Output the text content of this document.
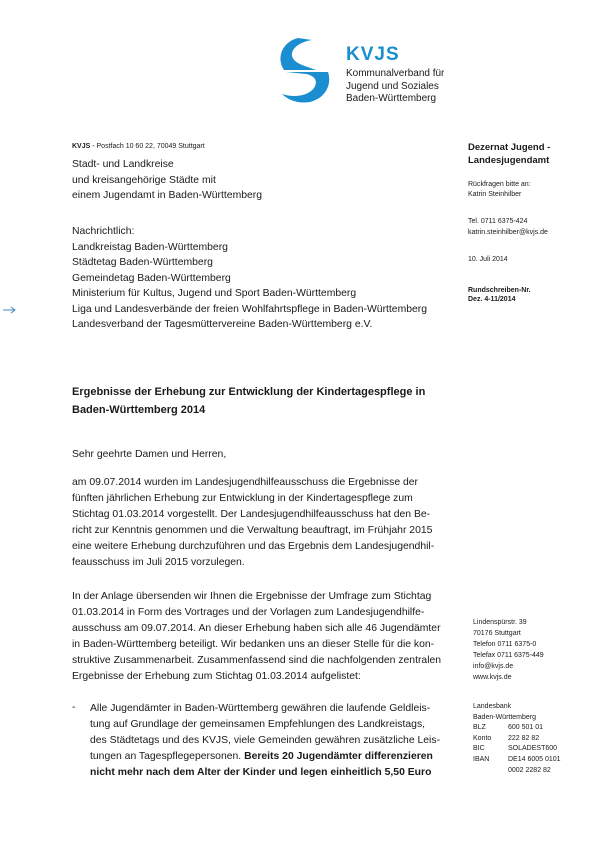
KVJS
Kommunalverband für
Jugend und Soziales
Baden-Württemberg
KVJS - Postfach 10 60 22, 70049 Stuttgart
Stadt- und Landkreise
und kreisangehörige Städte mit
einem Jugendamt in Baden-Württemberg
Nachrichtlich:
Landkreistag Baden-Württemberg
Städtetag Baden-Württemberg
Gemeindetag Baden-Württemberg
Ministerium für Kultus, Jugend und Sport Baden-Württemberg
Liga und Landesverbände der freien Wohlfahrtspflege in Baden-Württemberg
Landesverband der Tagesmüttervereine Baden-Württemberg e.V.
Dezernat Jugend -
Landesjugendamt
Rückfragen bitte an:
Katrin Steinhilber
Tel. 0711 6375-424
katrin.steinhilber@kvjs.de
10. Juli 2014
Rundschreiben-Nr.
Dez. 4-11/2014
Ergebnisse der Erhebung zur Entwicklung der Kindertagespflege in
Baden-Württemberg 2014
Sehr geehrte Damen und Herren,
am 09.07.2014 wurden im Landesjugendhilfeausschuss die Ergebnisse der
fünften jährlichen Erhebung zur Entwicklung in der Kindertagespflege zum
Stichtag 01.03.2014 vorgestellt. Der Landesjugendhilfeausschuss hat den Be-
richt zur Kenntnis genommen und die Verwaltung beauftragt, im Frühjahr 2015
eine weitere Erhebung durchzuführen und das Ergebnis dem Landesjugendhil-
feausschuss im Juli 2015 vorzulegen.
In der Anlage übersenden wir Ihnen die Ergebnisse der Umfrage zum Stichtag
01.03.2014 in Form des Vortrages und der Vorlagen zum Landesjugendhilfe-
ausschuss am 09.07.2014. An dieser Erhebung haben sich alle 46 Jugendämter
in Baden-Württemberg beteiligt. Wir bedanken uns an dieser Stelle für die kon-
struktive Zusammenarbeit. Zusammenfassend sind die nachfolgenden zentralen
Ergebnisse der Erhebung zum Stichtag 01.03.2014 aufgelistet:
- Alle Jugendämter in Baden-Württemberg gewähren die laufende Geldleis-
tung auf Grundlage der gemeinsamen Empfehlungen des Landkreistags,
des Städtetags und des KVJS, viele Gemeinden gewähren zusätzliche Leis-
tungen an Tagespflegepersonen. Bereits 20 Jugendämter differenzieren
nicht mehr nach dem Alter der Kinder und legen einheitlich 5,50 Euro
Lindenspürstr. 39
70176 Stuttgart
Telefon 0711 6375-0
Telefax 0711 6375-449
info@kvjs.de
www.kvjs.de
Landesbank
Baden-Württemberg
BLZ	600 501 01
Konto	222 82 82
BIC	SOLADEST600
IBAN	DE14 6005 0101
0002 2282 82
